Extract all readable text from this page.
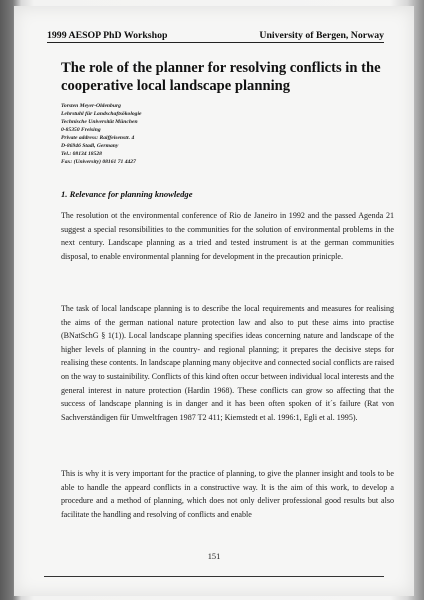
1999 AESOP PhD Workshop	University of Bergen, Norway
The role of the planner for resolving conflicts in the cooperative local landscape planning
Torsten Meyer-Oldenburg
Lehrstuhl für Landschaftsökologie
Technische Universität München
0-85350 Freising
Private address: Raiffeisenstr. 4
D-86946 Stadl, Germany
Tel.: 08134 18528
Fax: (University) 08161 71 4427
1. Relevance for planning knowledge
The resolution ot the environmental conference of Rio de Janeiro in 1992 and the passed Agenda 21 suggest a special resonsibilities to the communities for the solution of environmental problems in the next century. Landscape planning as a tried and tested instrument is at the german communities disposal, to enable environmental planning for development in the precaution prinicple.
The task of local landscape planning is to describe the local requirements and measures for realising the aims of the german national nature protection law and also to put these aims into practise (BNatSchG § 1(1)). Local landscape planning specifies ideas concerning nature and landscape of the higher levels of planning in the country- and regional planning; it prepares the decisive steps for realising these contents. In landscape planning many objecitve and connected social conflicts are raised on the way to sustainibility. Conflicts of this kind often occur between individual local interests and the general interest in nature protection (Hardin 1968). These conflicts can grow so affecting that the success of landscape planning is in danger and it has been often spoken of it´s failure (Rat von Sachverständigen für Umweltfragen 1987 T2 411; Kiemstedt et al. 1996:1, Egli et al. 1995).
This is why it is very important for the practice of planning, to give the planner insight and tools to be able to handle the appeard conflicts in a constructive way. It is the aim of this work, to develop a procedure and a method of planning, which does not only deliver professional good results but also facilitate the handling and resolving of conflicts and enable
151
